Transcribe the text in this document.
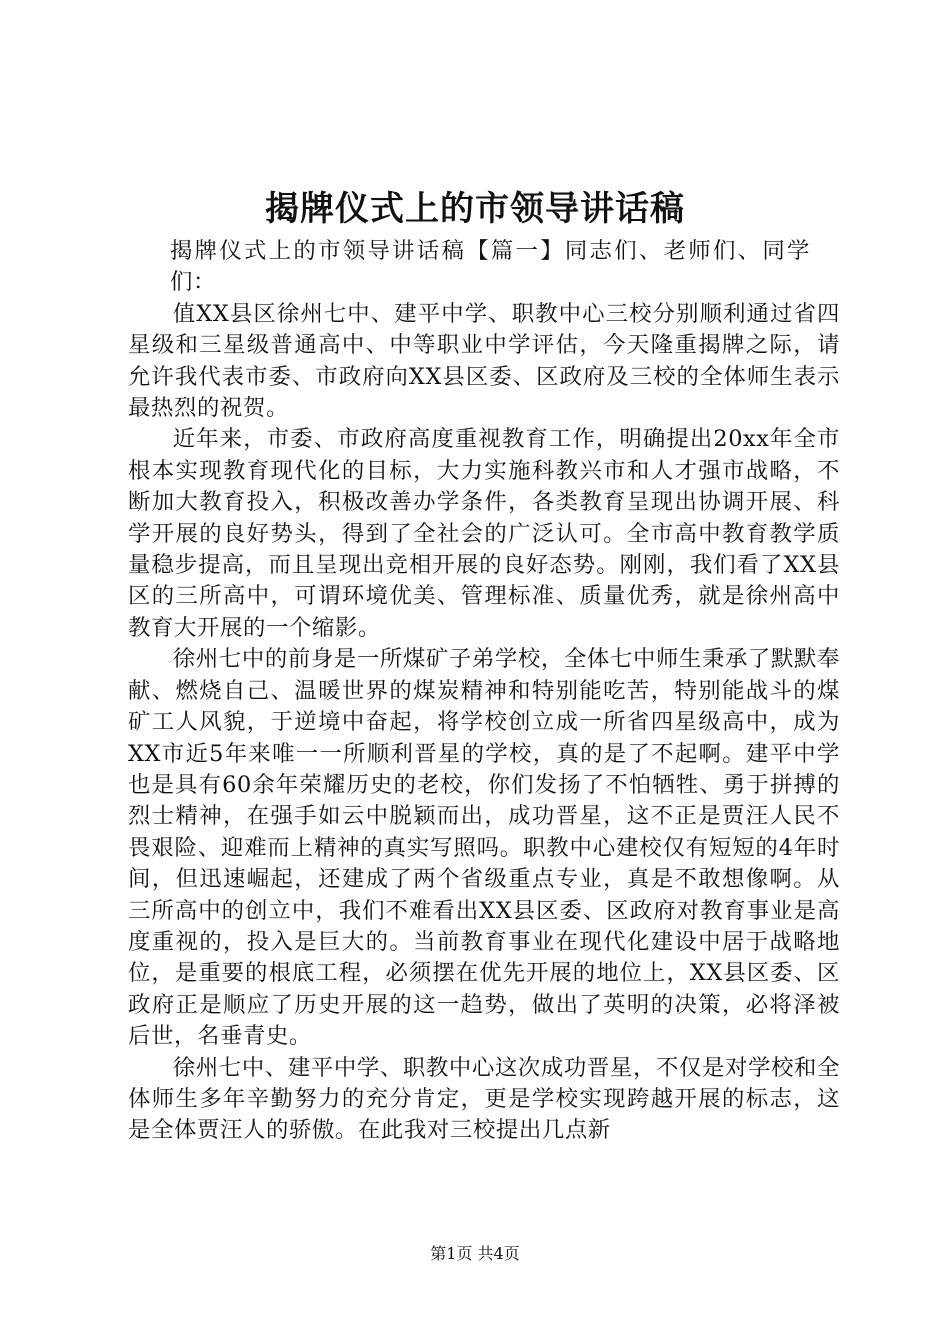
揭牌仪式上的市领导讲话稿

揭牌仪式上的市领导讲话稿【篇一】同志们、老师们、同学们：

值XX县区徐州七中、建平中学、职教中心三校分别顺利通过省四星级和三星级普通高中、中等职业中学评估，今天隆重揭牌之际，请允许我代表市委、市政府向XX县区委、区政府及三校的全体师生表示最热烈的祝贺。

近年来，市委、市政府高度重视教育工作，明确提出20xx年全市根本实现教育现代化的目标，大力实施科教兴市和人才强市战略，不断加大教育投入，积极改善办学条件，各类教育呈现出协调开展、科学开展的良好势头，得到了全社会的广泛认可。全市高中教育教学质量稳步提高，而且呈现出竞相开展的良好态势。刚刚，我们看了XX县区的三所高中，可谓环境优美、管理标准、质量优秀，就是徐州高中教育大开展的一个缩影。

徐州七中的前身是一所煤矿子弟学校，全体七中师生秉承了默默奉献、燃烧自己、温暖世界的煤炭精神和特别能吃苦，特别能战斗的煤矿工人风貌，于逆境中奋起，将学校创立成一所省四星级高中，成为XX市近5年来唯一一所顺利晋星的学校，真的是了不起啊。建平中学也是具有60余年荣耀历史的老校，你们发扬了不怕牺牲、勇于拼搏的烈士精神，在强手如云中脱颖而出，成功晋星，这不正是贾汪人民不畏艰险、迎难而上精神的真实写照吗。职教中心建校仅有短短的4年时间，但迅速崛起，还建成了两个省级重点专业，真是不敢想像啊。从三所高中的创立中，我们不难看出XX县区委、区政府对教育事业是高度重视的，投入是巨大的。当前教育事业在现代化建设中居于战略地位，是重要的根底工程，必须摆在优先开展的地位上，XX县区委、区政府正是顺应了历史开展的这一趋势，做出了英明的决策，必将泽被后世，名垂青史。

徐州七中、建平中学、职教中心这次成功晋星，不仅是对学校和全体师生多年辛勤努力的充分肯定，更是学校实现跨越开展的标志，这是全体贾汪人的骄傲。在此我对三校提出几点新

第1页 共4页
